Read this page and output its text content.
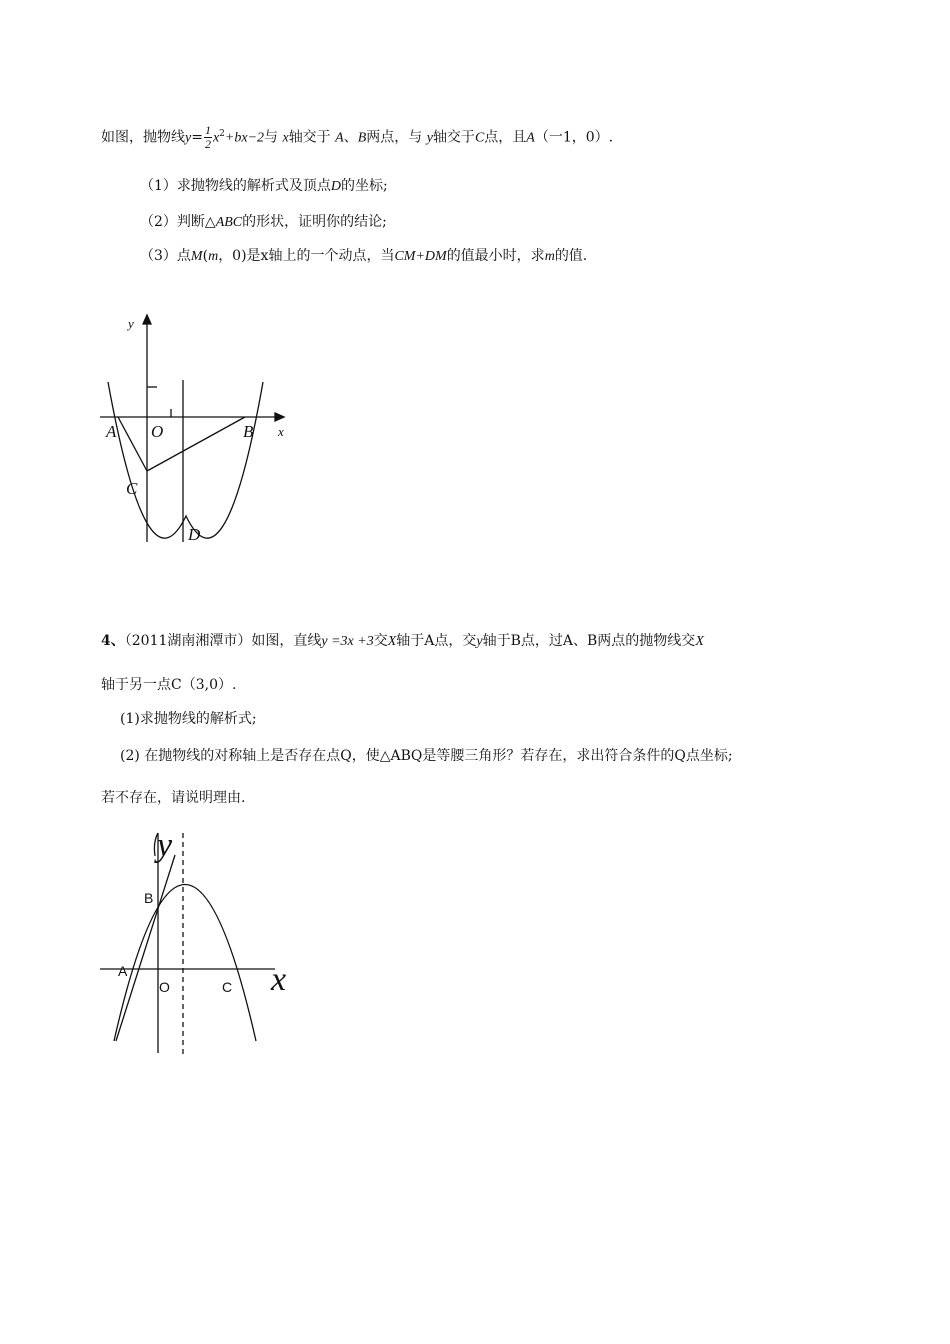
如图，抛物线$y= \frac{1}{2} x^2+bx-2$与 x轴交于 A、B两点，与 y轴交于C点，且A（一1，0）.
（1）求抛物线的解析式及顶点D的坐标;
（2）判断△ABC的形状，证明你的结论;
（3）点M(m，0)是x轴上的一个动点，当CM+DM的值最小时，求m的值.
y
x
A O	B
C
D
4、（2011湖南湘潭市）如图，直线y =3x +3交X轴于A点，交y轴于B点，过A、B两点的抛物线交X
轴于另一点C（3,0）.
(1)求抛物线的解析式;
(2) 在抛物线的对称轴上是否存在点Q，使△ABQ是等腰三角形？若存在，求出符合条件的Q点坐标;
若不存在，请说明理由.
y
x
B
A
O	C
